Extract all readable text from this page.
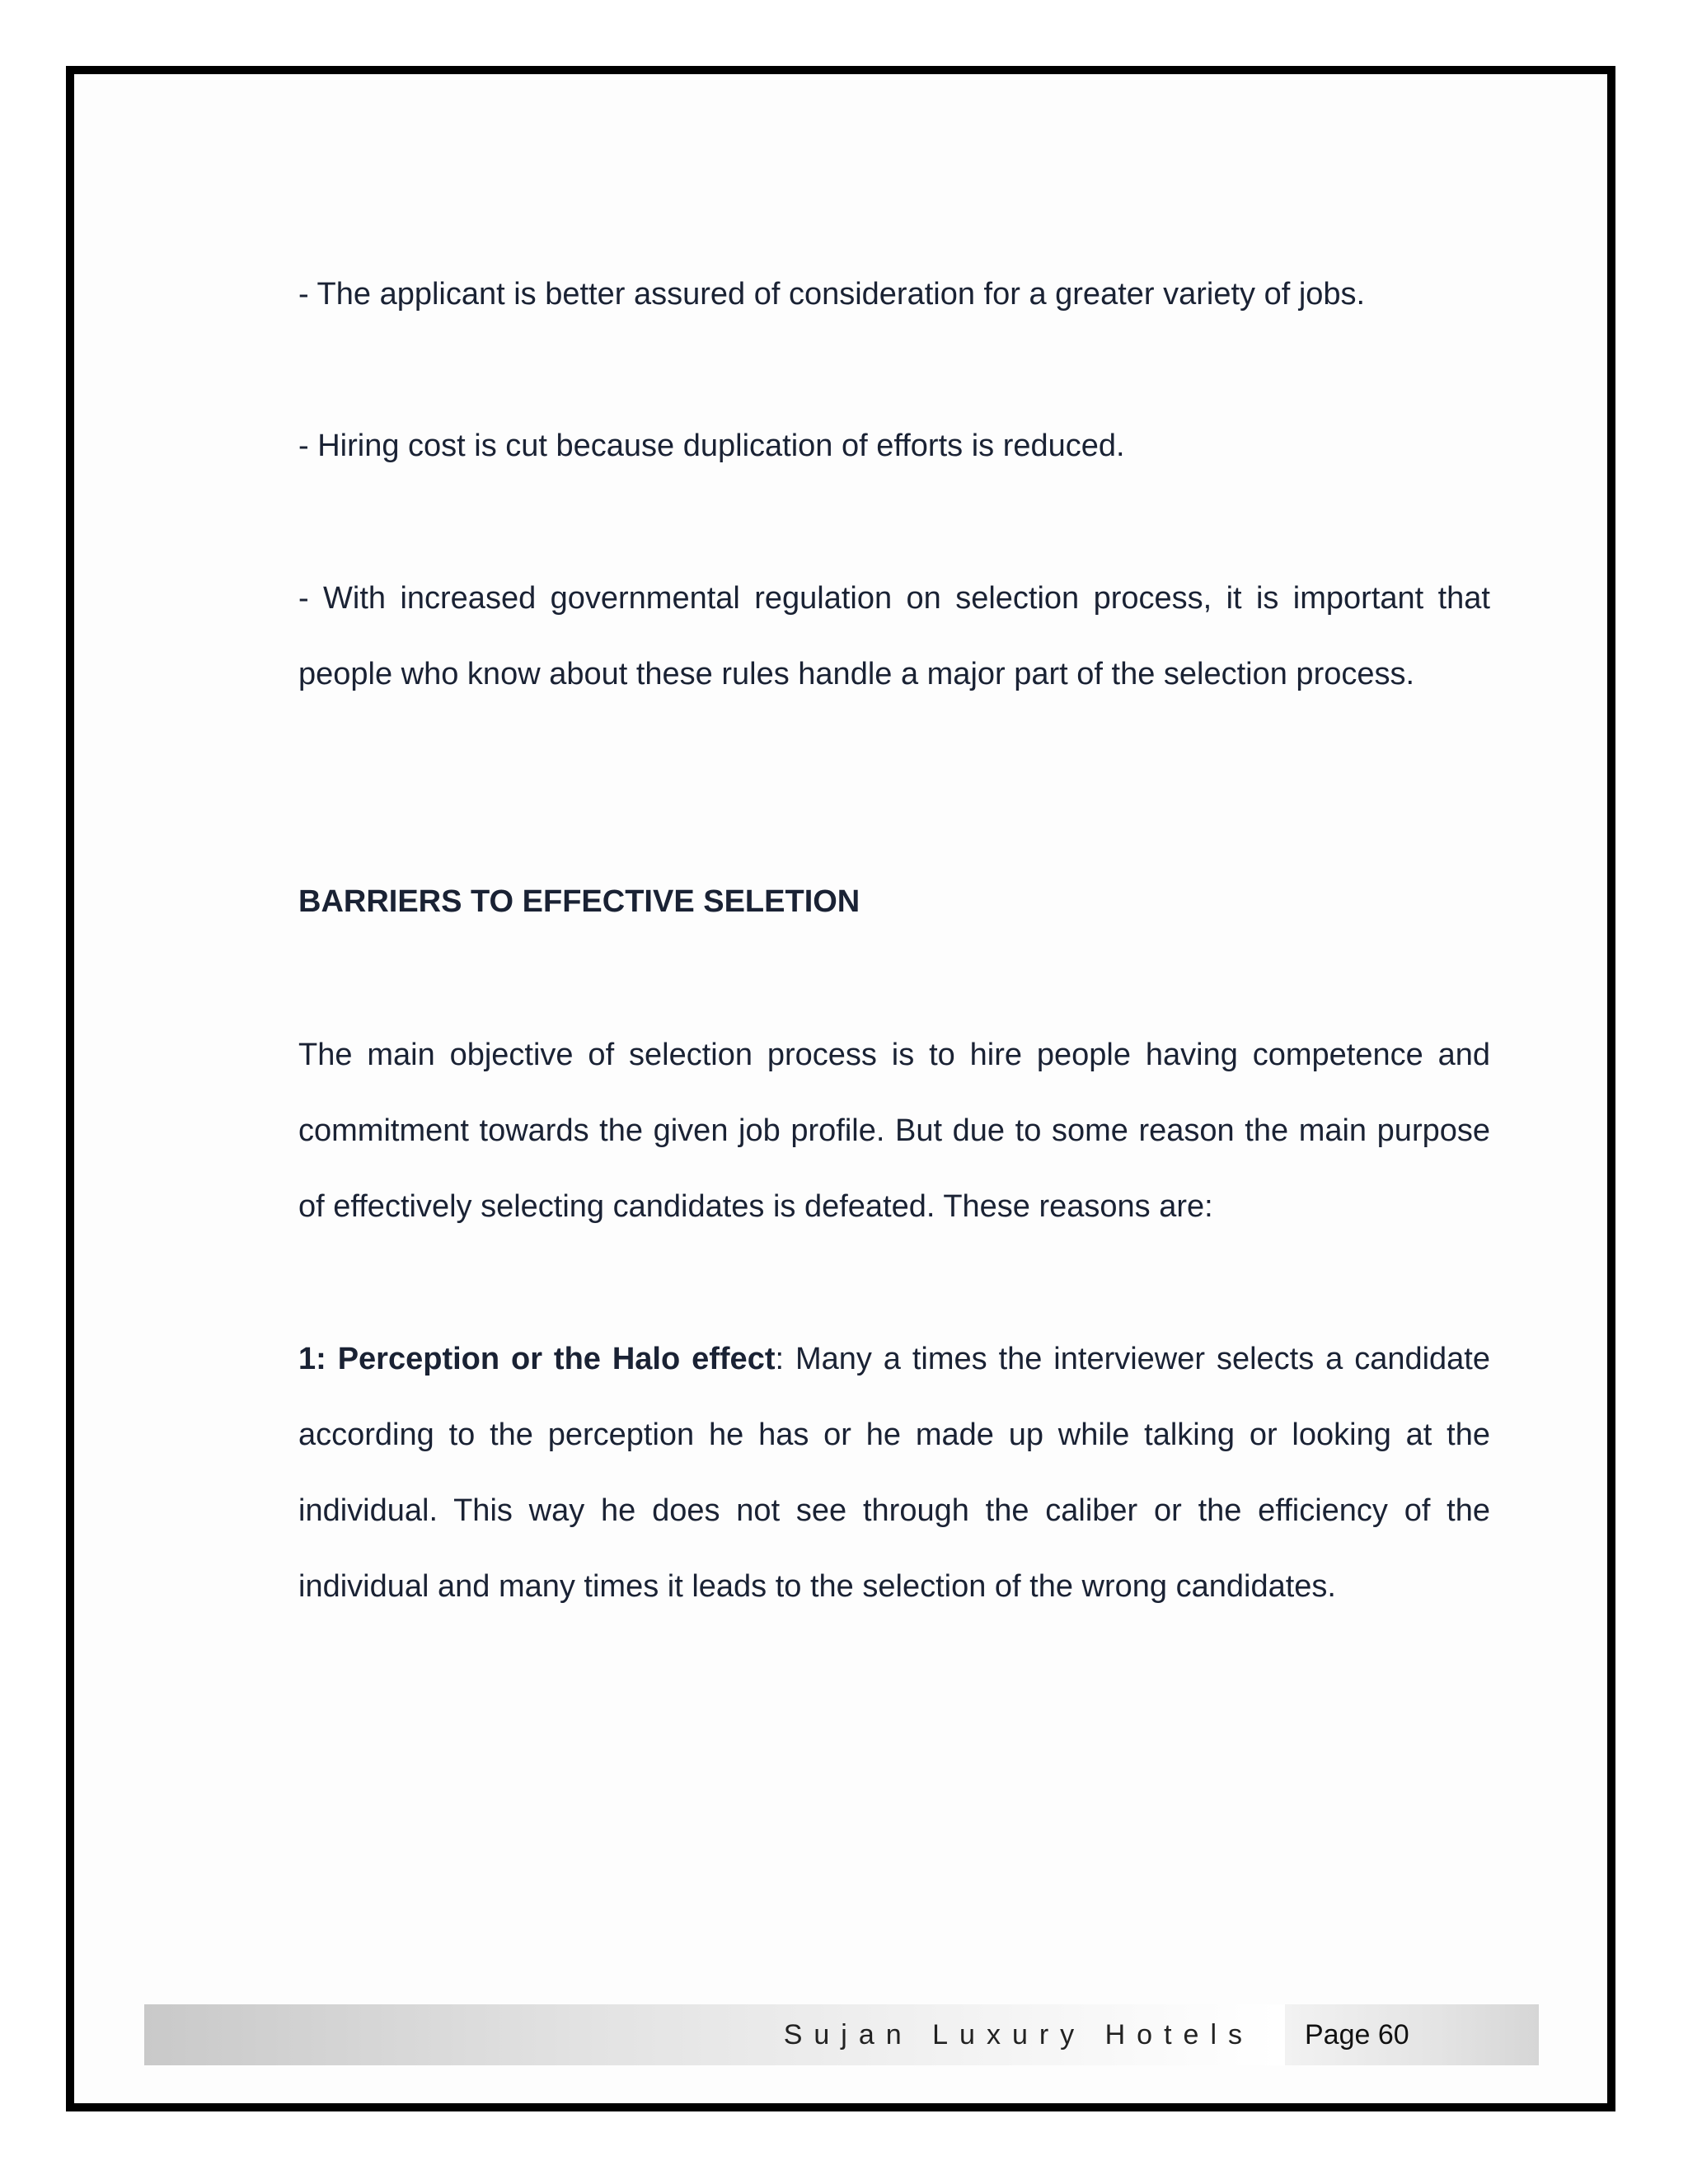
- The applicant is better assured of consideration for a greater variety of jobs.

- Hiring cost is cut because duplication of efforts is reduced.

- With increased governmental regulation on selection process, it is important that people who know about these rules handle a major part of the selection process.

BARRIERS TO EFFECTIVE SELETION

The main objective of selection process is to hire people having competence and commitment towards the given job profile. But due to some reason the main purpose of effectively selecting candidates is defeated. These reasons are:

1: Perception or the Halo effect: Many a times the interviewer selects a candidate according to the perception he has or he made up while talking or looking at the individual. This way he does not see through the caliber or the efficiency of the individual and many times it leads to the selection of the wrong candidates.

Sujan Luxury Hotels Page 60
